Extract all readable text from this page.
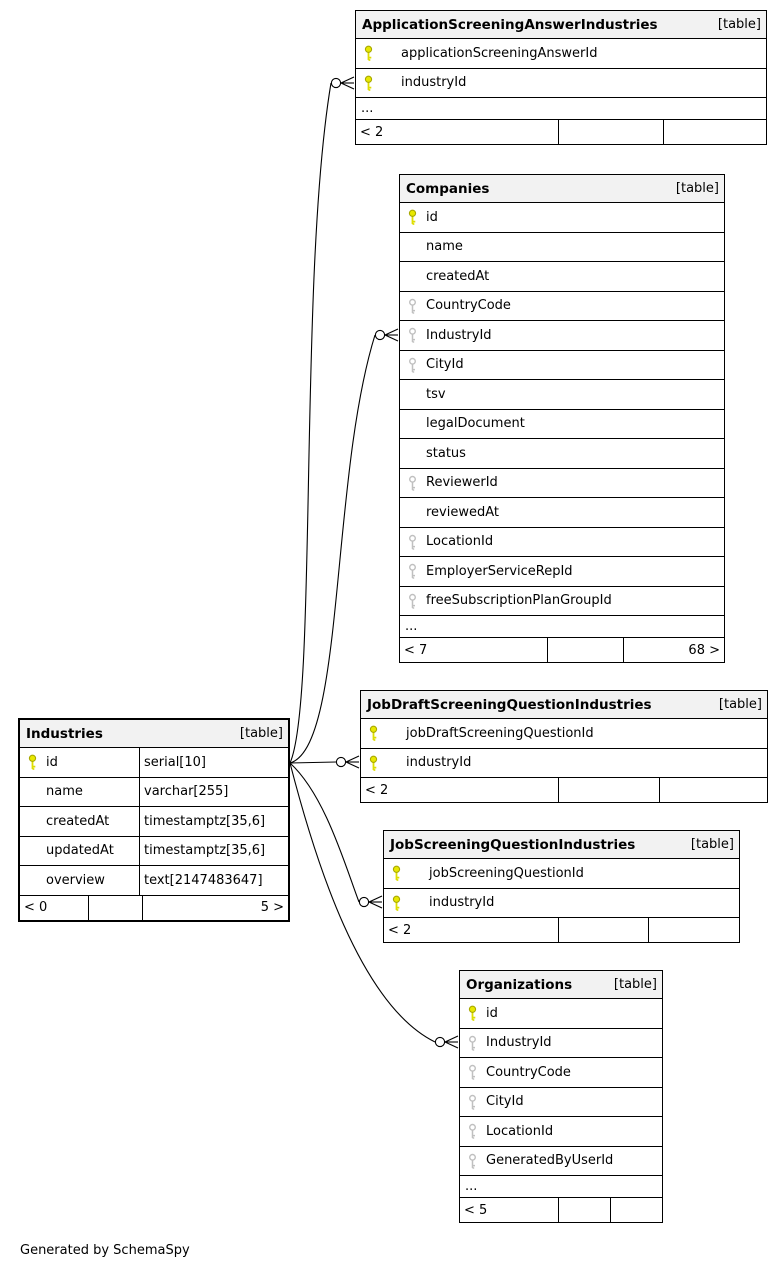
Generated by SchemaSpy
ApplicationScreeningAnswerIndustries	[table]
applicationScreeningAnswerId
industryId
...
< 2
Companies	[table]
id
name
createdAt
CountryCode
IndustryId
CityId
tsv
legalDocument
status
ReviewerId
reviewedAt
LocationId
EmployerServiceRepId
freeSubscriptionPlanGroupId
...
< 7	68 >
JobDraftScreeningQuestionIndustries	[table]
jobDraftScreeningQuestionId
industryId
< 2
JobScreeningQuestionIndustries	[table]
jobScreeningQuestionId
industryId
< 2
Organizations	[table]
id
IndustryId
CountryCode
CityId
LocationId
GeneratedByUserId
...
< 5
Industries	[table]
id	serial[10]
name	varchar[255]
createdAt	timestamptz[35,6]
updatedAt timestamptz[35,6]
overview	text[2147483647]
< 0	5 >
